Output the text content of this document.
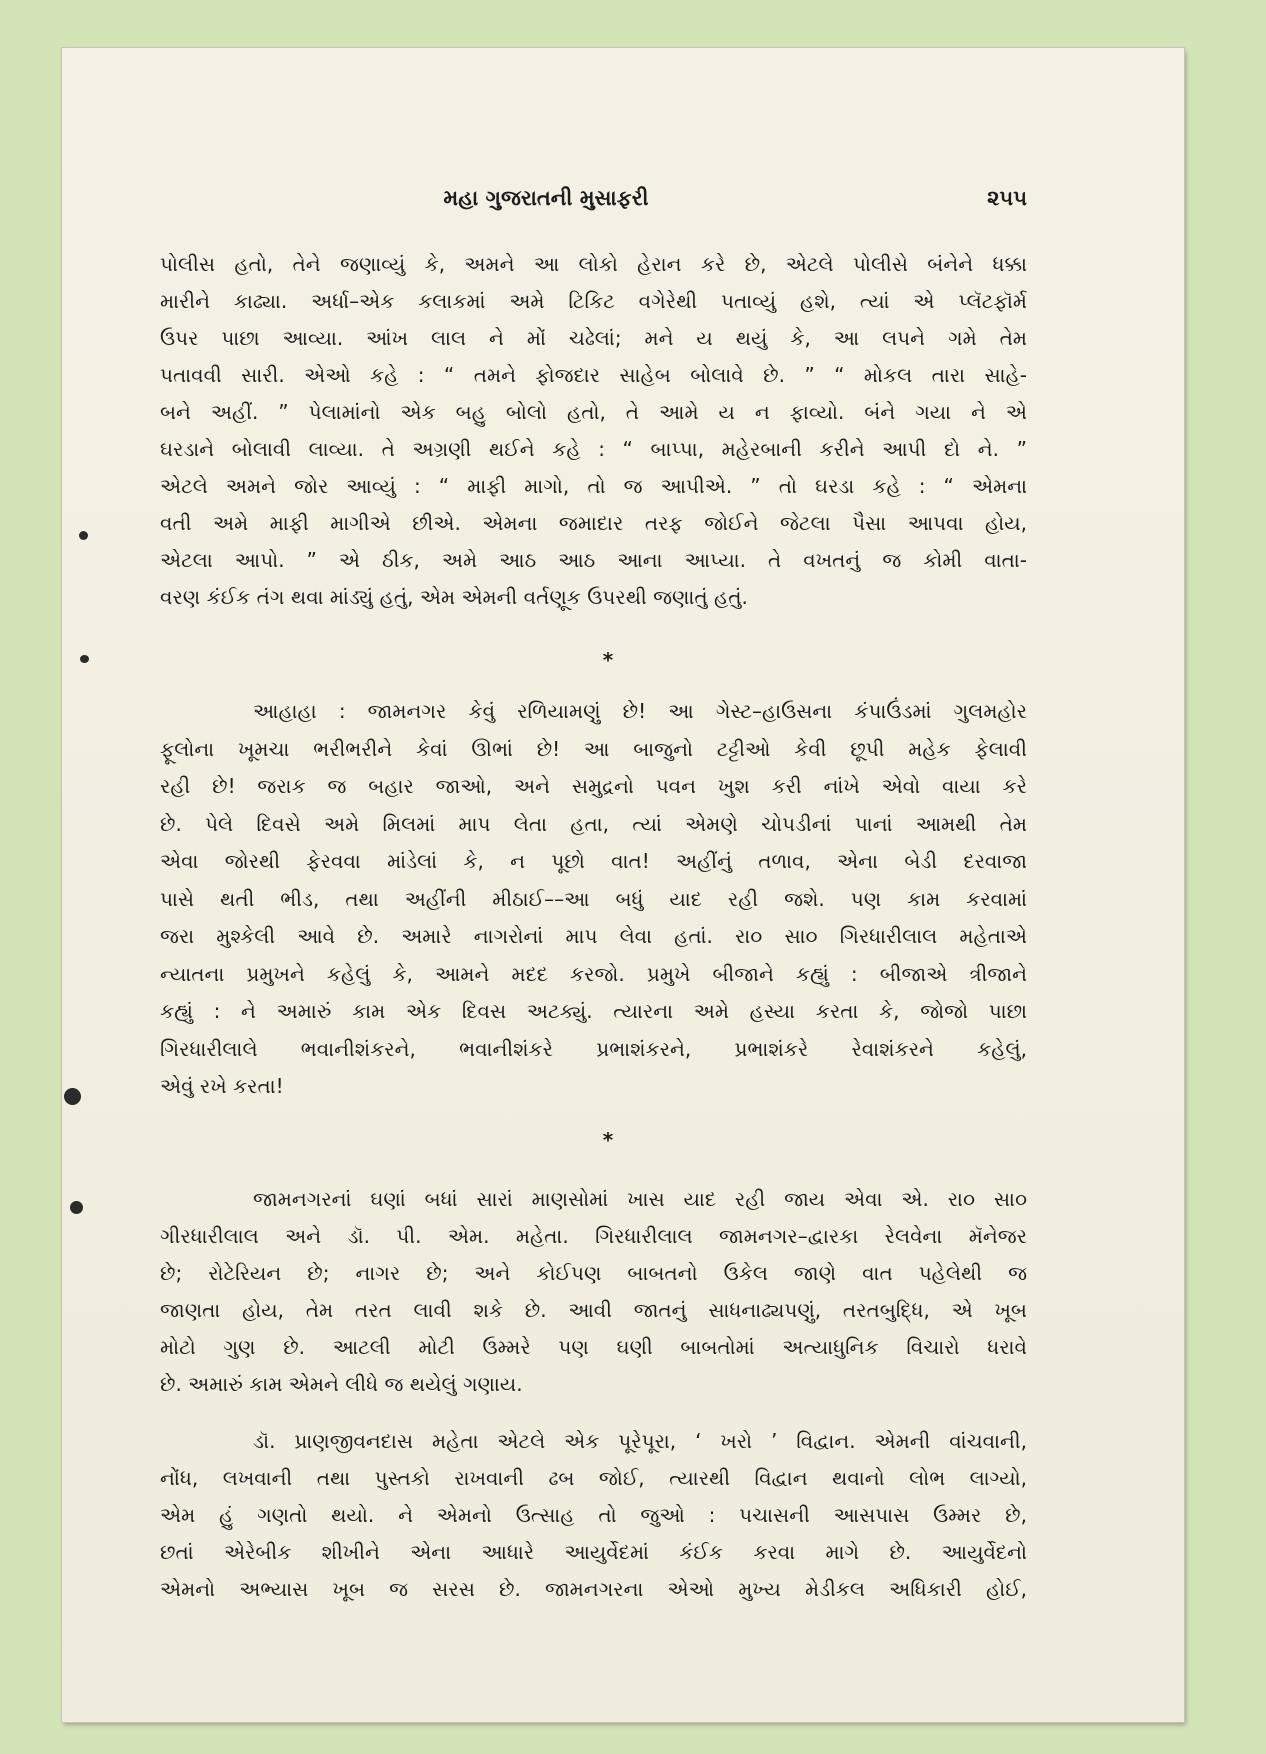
મહા ગુજરાતની મુસાફરી	૨૫૫
પોલીસ હતો, તેને જણાવ્યું કે, અમને આ લોકો હેરાન કરે છે, એટલે પોલીસે બંનેને ધક્કા
મારીને કાઢ્યા. અર્ધા–એક કલાકમાં અમે ટિકિટ વગેરેથી પતાવ્યું હશે, ત્યાં એ પ્લૅટફૉર્મ
ઉપર પાછા આવ્યા. આંખ લાલ ને મોં ચઢેલાં; મને ય થયું કે, આ લપને ગમે તેમ
પતાવવી સારી. એઓ કહે : “ તમને ફોજદાર સાહેબ બોલાવે છે. ” “ મોકલ તારા સાહે-
બને અહીં. ” પેલામાંનો એક બહુ બોલો હતો, તે આમે ય ન ફાવ્યો. બંને ગયા ને એ
ઘરડાને બોલાવી લાવ્યા. તે અગ્રણી થઈને કહે : “ બાપ્પા, મહેરબાની કરીને આપી દો ને. ”
એટલે અમને જોર આવ્યું : “ માફી માગો, તો જ આપીએ. ” તો ઘરડા કહે : “ એમના
વતી અમે માફી માગીએ છીએ. એમના જમાદાર તરફ જોઈને જેટલા પૈસા આપવા હોય,
એટલા આપો. ” એ ઠીક, અમે આઠ આઠ આના આપ્યા. તે વખતનું જ કોમી વાતા-
વરણ કંઈક તંગ થવા માંડ્યું હતું, એમ એમની વર્તણૂક ઉપરથી જણાતું હતું.
*
આહાહા : જામનગર કેવું રળિયામણું છે! આ ગેસ્ટ–હાઉસના કંપાઉંડમાં ગુલમહોર
ફૂલોના ખૂમચા ભરીભરીને કેવાં ઊભાં છે! આ બાજુનો ટટ્ટીઓ કેવી છૂપી મહેક ફેલાવી
રહી છે! જરાક જ બહાર જાઓ, અને સમુદ્રનો પવન ખુશ કરી નાંખે એવો વાયા કરે
છે. પેલે દિવસે અમે મિલમાં માપ લેતા હતા, ત્યાં એમણે ચોપડીનાં પાનાં આમથી તેમ
એવા જોરથી ફેરવવા માંડેલાં કે, ન પૂછો વાત! અહીંનું તળાવ, એના બેડી દરવાજા
પાસે થતી ભીડ, તથા અહીંની મીઠાઈ––આ બધું યાદ રહી જશે. પણ કામ કરવામાં
જરા મુશ્કેલી આવે છે. અમારે નાગરોનાં માપ લેવા હતાં. રા૦ સા૦ ગિરધારીલાલ મહેતાએ
ન્યાતના પ્રમુખને કહેલું કે, આમને મદદ કરજો. પ્રમુખે બીજાને કહ્યું : બીજાએ ત્રીજાને
કહ્યું : ને અમારું કામ એક દિવસ અટક્યું. ત્યારના અમે હસ્યા કરતા કે, જોજો પાછા
ગિરધારીલાલે ભવાનીશંકરને, ભવાનીશંકરે પ્રભાશંકરને, પ્રભાશંકરે રેવાશંકરને કહેલું,
એવું રખે કરતા!
*
જામનગરનાં ઘણાં બધાં સારાં માણસોમાં ખાસ યાદ રહી જાય એવા એ. રા૦ સા૦
ગીરધારીલાલ અને ડૉ. પી. એમ. મહેતા. ગિરધારીલાલ જામનગર–દ્વારકા રેલવેના મૅનેજર
છે; રોટેરિયન છે; નાગર છે; અને કોઈપણ બાબતનો ઉકેલ જાણે વાત પહેલેથી જ
જાણતા હોય, તેમ તરત લાવી શકે છે. આવી જાતનું સાધનાઢ્યપણું, તરતબુદ્ધિ, એ ખૂબ
મોટો ગુણ છે. આટલી મોટી ઉમ્મરે પણ ઘણી બાબતોમાં અત્યાધુનિક વિચારો ધરાવે
છે. અમારું કામ એમને લીધે જ થયેલું ગણાય.
ડૉ. પ્રાણજીવનદાસ મહેતા એટલે એક પૂરેપૂરા, ‘ ખરો ’ વિદ્વાન. એમની વાંચવાની,
નોંધ, લખવાની તથા પુસ્તકો રાખવાની ઢબ જોઈ, ત્યારથી વિદ્વાન થવાનો લોભ લાગ્યો,
એમ હું ગણતો થયો. ને એમનો ઉત્સાહ તો જુઓ : પચાસની આસપાસ ઉમ્મર છે,
છતાં એરેબીક શીખીને એના આધારે આયુર્વેદમાં કંઈક કરવા માગે છે. આયુર્વેદનો
એમનો અભ્યાસ ખૂબ જ સરસ છે. જામનગરના એઓ મુખ્ય મેડીકલ અધિકારી હોઈ,
